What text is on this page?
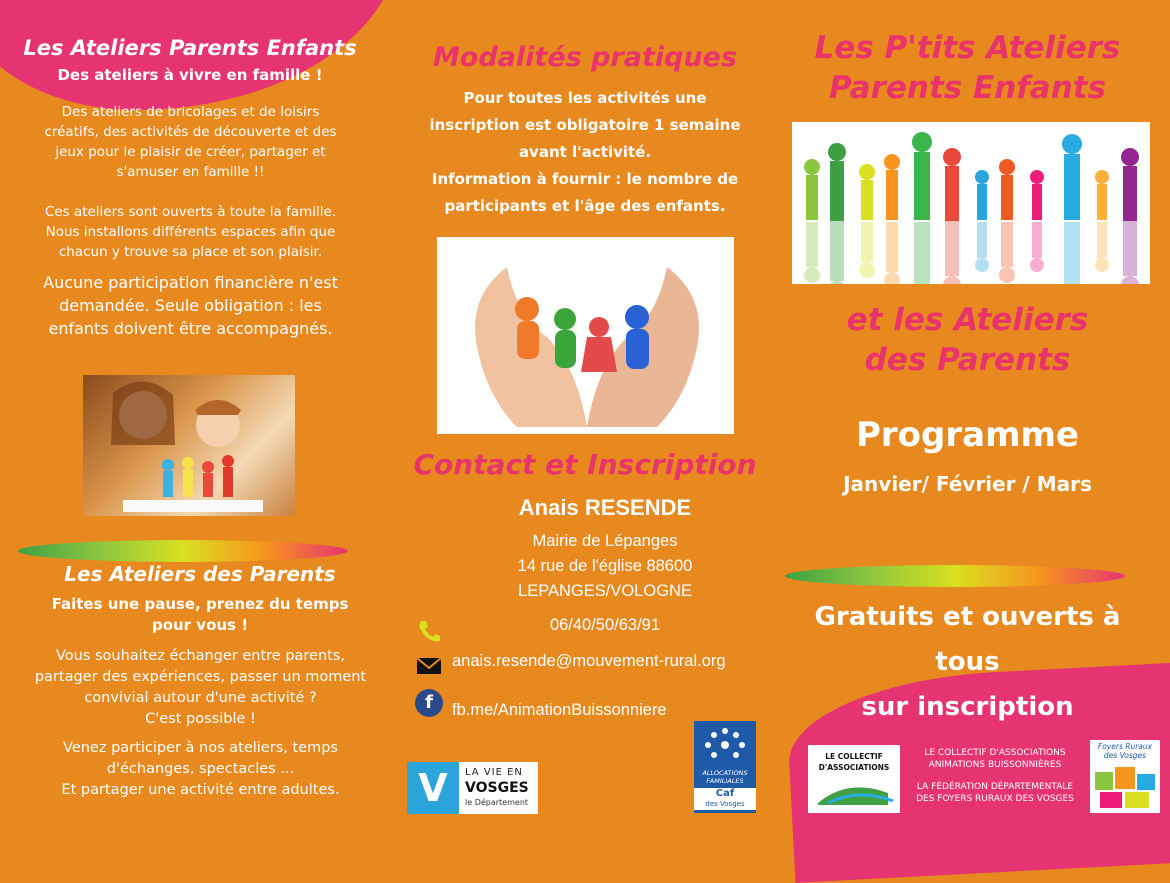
Les Ateliers Parents Enfants
Des ateliers à vivre en famille !
Des ateliers de bricolages et de loisirs
créatifs, des activités de découverte et des
jeux pour le plaisir de créer, partager et
s'amuser en famille !!
Ces ateliers sont ouverts à toute la famille.
Nous installons différents espaces afin que
chacun y trouve sa place et son plaisir.
Aucune participation financière n'est
demandée. Seule obligation : les
enfants doivent être accompagnés.
Les Ateliers des Parents
Faites une pause, prenez du temps
pour vous !
Vous souhaitez échanger entre parents,
partager des expériences, passer un moment
convivial autour d'une activité ?
C'est possible !
Venez participer à nos ateliers, temps
d'échanges, spectacles ...
Et partager une activité entre adultes.
Modalités pratiques
Pour toutes les activités une
inscription est obligatoire 1 semaine
avant l'activité.
Information à fournir : le nombre de
participants et l'âge des enfants.
Contact et Inscription
Anais RESENDE
Mairie de Lépanges
14 rue de l'église 88600
LEPANGES/VOLOGNE
06/40/50/63/91
anais.resende@mouvement-rural.org
f	fb.me/AnimationBuissonniere
V	LA VIE EN
VOSGES
le Département
ALLOCATIONS
FAMILIALES
Caf
des Vosges
Les P'tits Ateliers
Parents Enfants
et les Ateliers
des Parents
Programme
Janvier/ Février / Mars
Gratuits et ouverts à tous
sur inscription
LE COLLECTIF
D'ASSOCIATIONS
LE COLLECTIF D'ASSOCIATIONS
ANIMATIONS BUISSONNIÈRES
LA FÉDÉRATION DÉPARTEMENTALE
DES FOYERS RURAUX DES VOSGES
Foyers Ruraux des Vosges
